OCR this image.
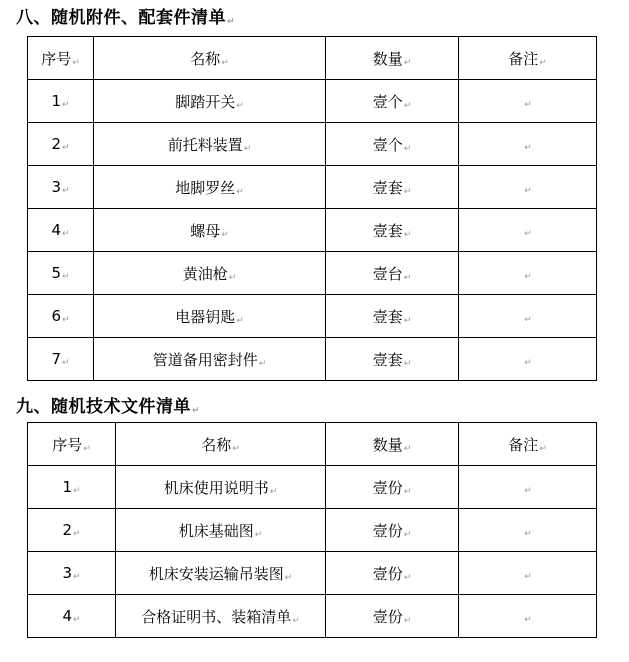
八、随机附件、配套件清单↵
序号↵	名称↵	数量↵	备注↵
1↵	脚踏开关↵	壹个↵	↵
2↵	前托料装置↵	壹个↵	↵
3↵	地脚罗丝↵	壹套↵	↵
4↵	螺母↵	壹套↵	↵
5↵	黄油枪↵	壹台↵	↵
6↵	电器钥匙↵	壹套↵	↵
7↵	管道备用密封件↵	壹套↵	↵
九、随机技术文件清单↵
序号↵	名称↵	数量↵	备注↵
1↵	机床使用说明书↵	壹份↵	↵
2↵	机床基础图↵	壹份↵	↵
3↵	机床安装运输吊装图↵	壹份↵	↵
4↵	合格证明书、装箱清单↵	壹份↵	↵
